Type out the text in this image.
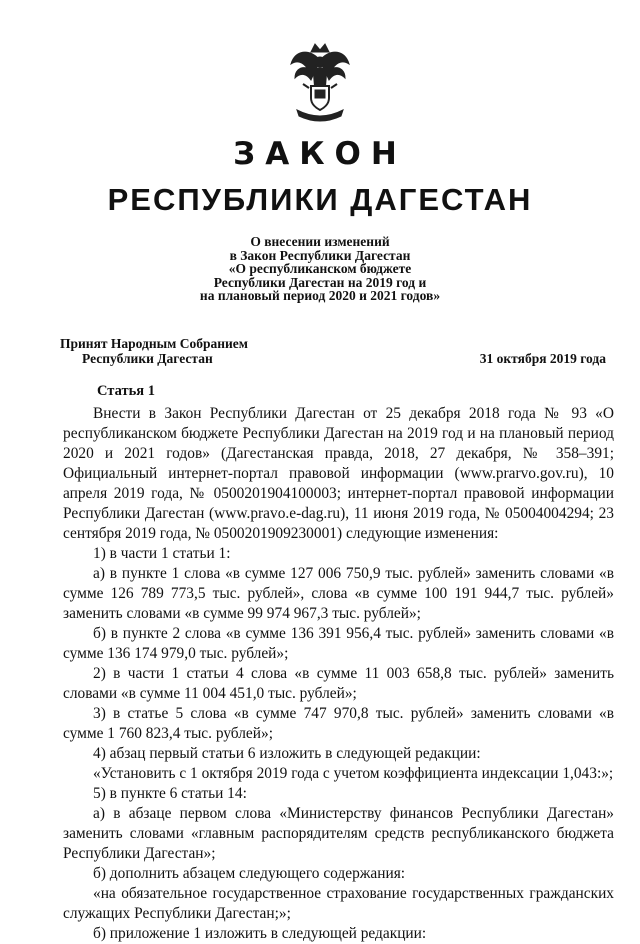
ЗАКОН
РЕСПУБЛИКИ ДАГЕСТАН
О внесении изменений
в Закон Республики Дагестан
«О республиканском бюджете
Республики Дагестан на 2019 год и
на плановый период 2020 и 2021 годов»
Принят Народным Собранием
Республики Дагестан	31 октября 2019 года
Статья 1

Внести в Закон Республики Дагестан от 25 декабря 2018 года № 93 «О республиканском бюджете Республики Дагестан на 2019 год и на плановый период 2020 и 2021 годов» (Дагестанская правда, 2018, 27 декабря, № 358–391; Официальный интернет-портал правовой информации (www.prarvo.gov.ru), 10 апреля 2019 года, № 0500201904100003; интернет-портал правовой информации Республики Дагестан (www.pravo.e-dag.ru), 11 июня 2019 года, № 05004004294; 23 сентября 2019 года, № 0500201909230001) следующие изменения:

1) в части 1 статьи 1:

а) в пункте 1 слова «в сумме 127 006 750,9 тыс. рублей» заменить словами «в сумме 126 789 773,5 тыс. рублей», слова «в сумме 100 191 944,7 тыс. рублей» заменить словами «в сумме 99 974 967,3 тыс. рублей»;

б) в пункте 2 слова «в сумме 136 391 956,4 тыс. рублей» заменить словами «в сумме 136 174 979,0 тыс. рублей»;

2) в части 1 статьи 4 слова «в сумме 11 003 658,8 тыс. рублей» заменить словами «в сумме 11 004 451,0 тыс. рублей»;

3) в статье 5 слова «в сумме 747 970,8 тыс. рублей» заменить словами «в сумме 1 760 823,4 тыс. рублей»;

4) абзац первый статьи 6 изложить в следующей редакции:

«Установить с 1 октября 2019 года с учетом коэффициента индексации 1,043:»;

5) в пункте 6 статьи 14:

а) в абзаце первом слова «Министерству финансов Республики Дагестан» заменить словами «главным распорядителям средств республиканского бюджета Республики Дагестан»;

б) дополнить абзацем следующего содержания:

«на обязательное государственное страхование государственных гражданских служащих Республики Дагестан;»;

б) приложение 1 изложить в следующей редакции:
